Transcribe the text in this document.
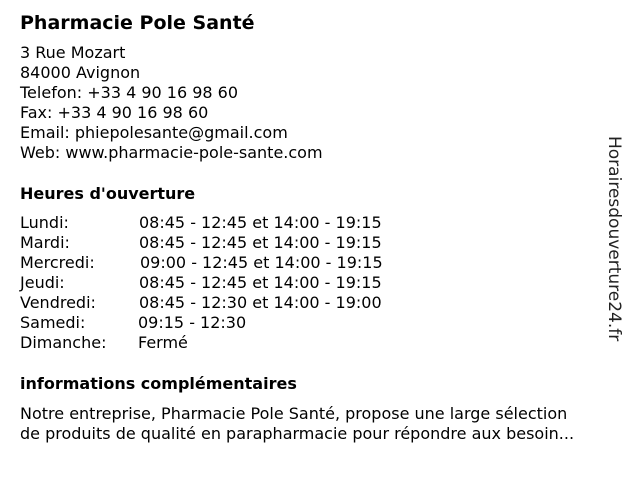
Pharmacie Pole Santé
3 Rue Mozart
84000 Avignon
Telefon: +33 4 90 16 98 60
Fax: +33 4 90 16 98 60
Email: phiepolesante@gmail.com
Web: www.pharmacie-pole-sante.com
Heures d'ouverture
Lundi:	08:45 - 12:45 et 14:00 - 19:15
Mardi:	08:45 - 12:45 et 14:00 - 19:15
Mercredi:	09:00 - 12:45 et 14:00 - 19:15
Jeudi:	08:45 - 12:45 et 14:00 - 19:15
Vendredi:	08:45 - 12:30 et 14:00 - 19:00
Samedi:	09:15 - 12:30
Dimanche: Fermé
informations complémentaires
Notre entreprise, Pharmacie Pole Santé, propose une large sélection
de produits de qualité en parapharmacie pour répondre aux besoin...
Horairesdouverture24.fr
